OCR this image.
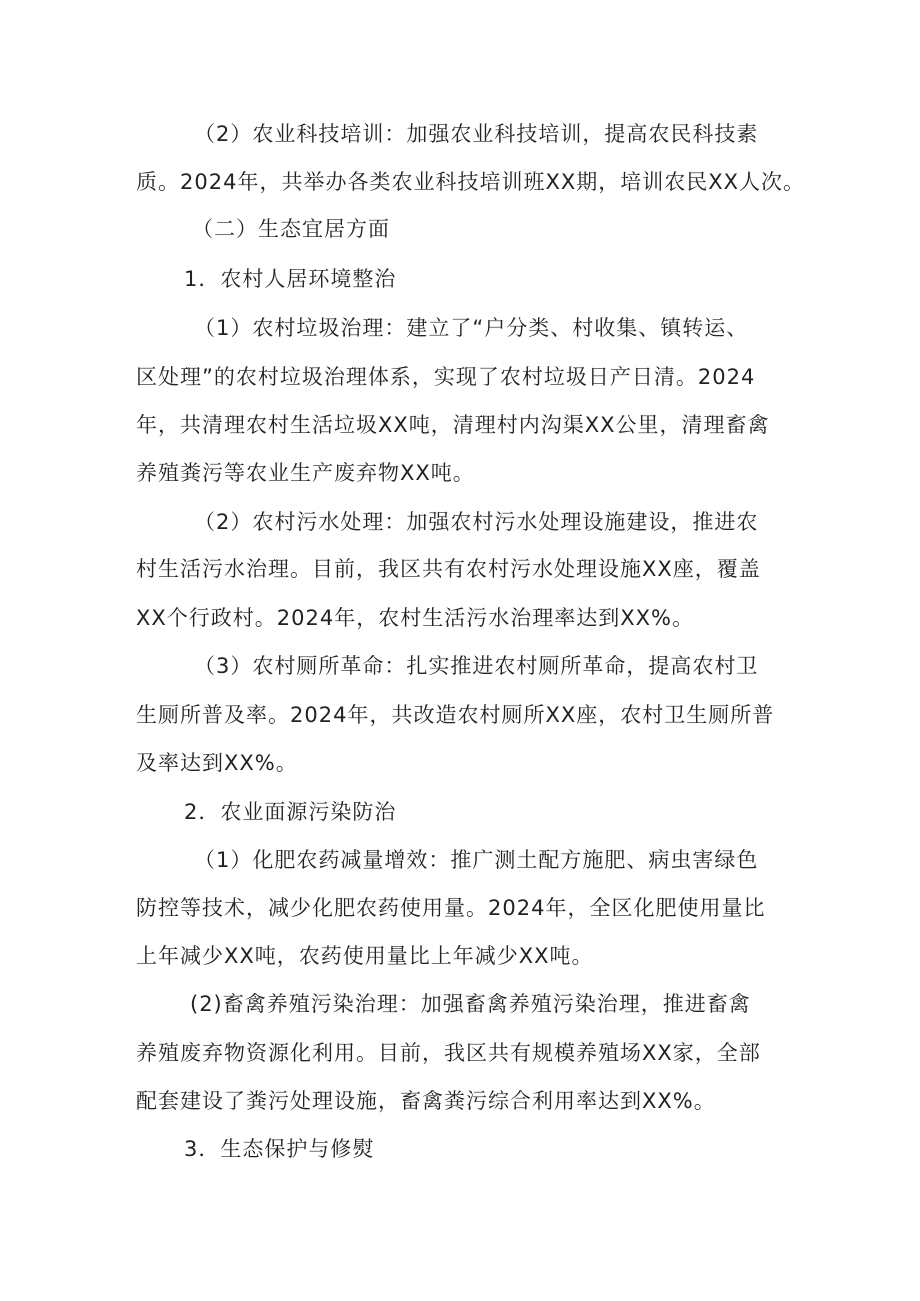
（2）农业科技培训：加强农业科技培训，提高农民科技素
质。2024年，共举办各类农业科技培训班XX期，培训农民XX人次。
（二）生态宜居方面
1．农村人居环境整治
（1）农村垃圾治理：建立了“户分类、村收集、镇转运、
区处理”的农村垃圾治理体系，实现了农村垃圾日产日清。2024
年，共清理农村生活垃圾XX吨，清理村内沟渠XX公里，清理畜禽
养殖粪污等农业生产废弃物XX吨。
（2）农村污水处理：加强农村污水处理设施建设，推进农
村生活污水治理。目前，我区共有农村污水处理设施XX座，覆盖
XX个行政村。2024年，农村生活污水治理率达到XX%。
（3）农村厕所革命：扎实推进农村厕所革命，提高农村卫
生厕所普及率。2024年，共改造农村厕所XX座，农村卫生厕所普
及率达到XX%。
2．农业面源污染防治
（1）化肥农药减量增效：推广测土配方施肥、病虫害绿色
防控等技术，减少化肥农药使用量。2024年，全区化肥使用量比
上年减少XX吨，农药使用量比上年减少XX吨。
(2)畜禽养殖污染治理：加强畜禽养殖污染治理，推进畜禽
养殖废弃物资源化利用。目前，我区共有规模养殖场XX家，全部
配套建设了粪污处理设施，畜禽粪污综合利用率达到XX%。
3．生态保护与修熨
